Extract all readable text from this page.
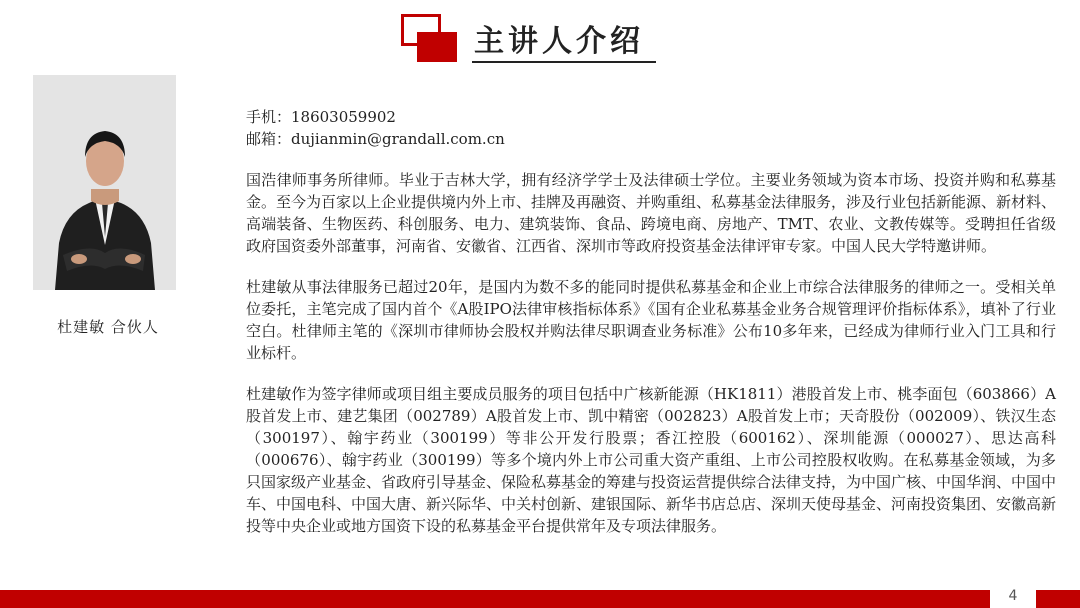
主讲人介绍
杜建敏 合伙人

手机：18603059902

邮箱：dujianmin@grandall.com.cn

国浩律师事务所律师。毕业于吉林大学，拥有经济学学士及法律硕士学位。主要业务领域为资本市场、投资并购和私募基金。至今为百家以上企业提供境内外上市、挂牌及再融资、并购重组、私募基金法律服务，涉及行业包括新能源、新材料、高端装备、生物医药、科创服务、电力、建筑装饰、食品、跨境电商、房地产、TMT、农业、文教传媒等。受聘担任省级政府国资委外部董事，河南省、安徽省、江西省、深圳市等政府投资基金法律评审专家。中国人民大学特邀讲师。

杜建敏从事法律服务已超过20年，是国内为数不多的能同时提供私募基金和企业上市综合法律服务的律师之一。受相关单位委托，主笔完成了国内首个《A股IPO法律审核指标体系》《国有企业私募基金业务合规管理评价指标体系》，填补了行业空白。杜律师主笔的《深圳市律师协会股权并购法律尽职调查业务标准》公布10多年来，已经成为律师行业入门工具和行业标杆。

杜建敏作为签字律师或项目组主要成员服务的项目包括中广核新能源（HK1811）港股首发上市、桃李面包（603866）A股首发上市、建艺集团（002789）A股首发上市、凯中精密（002823）A股首发上市；天奇股份（002009）、铁汉生态（300197）、翰宇药业（300199）等非公开发行股票；香江控股（600162）、深圳能源（000027）、思达高科（000676）、翰宇药业（300199）等多个境内外上市公司重大资产重组、上市公司控股权收购。在私募基金领域，为多只国家级产业基金、省政府引导基金、保险私募基金的筹建与投资运营提供综合法律支持，为中国广核、中国华润、中国中车、中国电科、中国大唐、新兴际华、中关村创新、建银国际、新华书店总店、深圳天使母基金、河南投资集团、安徽高新投等中央企业或地方国资下设的私募基金平台提供常年及专项法律服务。

4
